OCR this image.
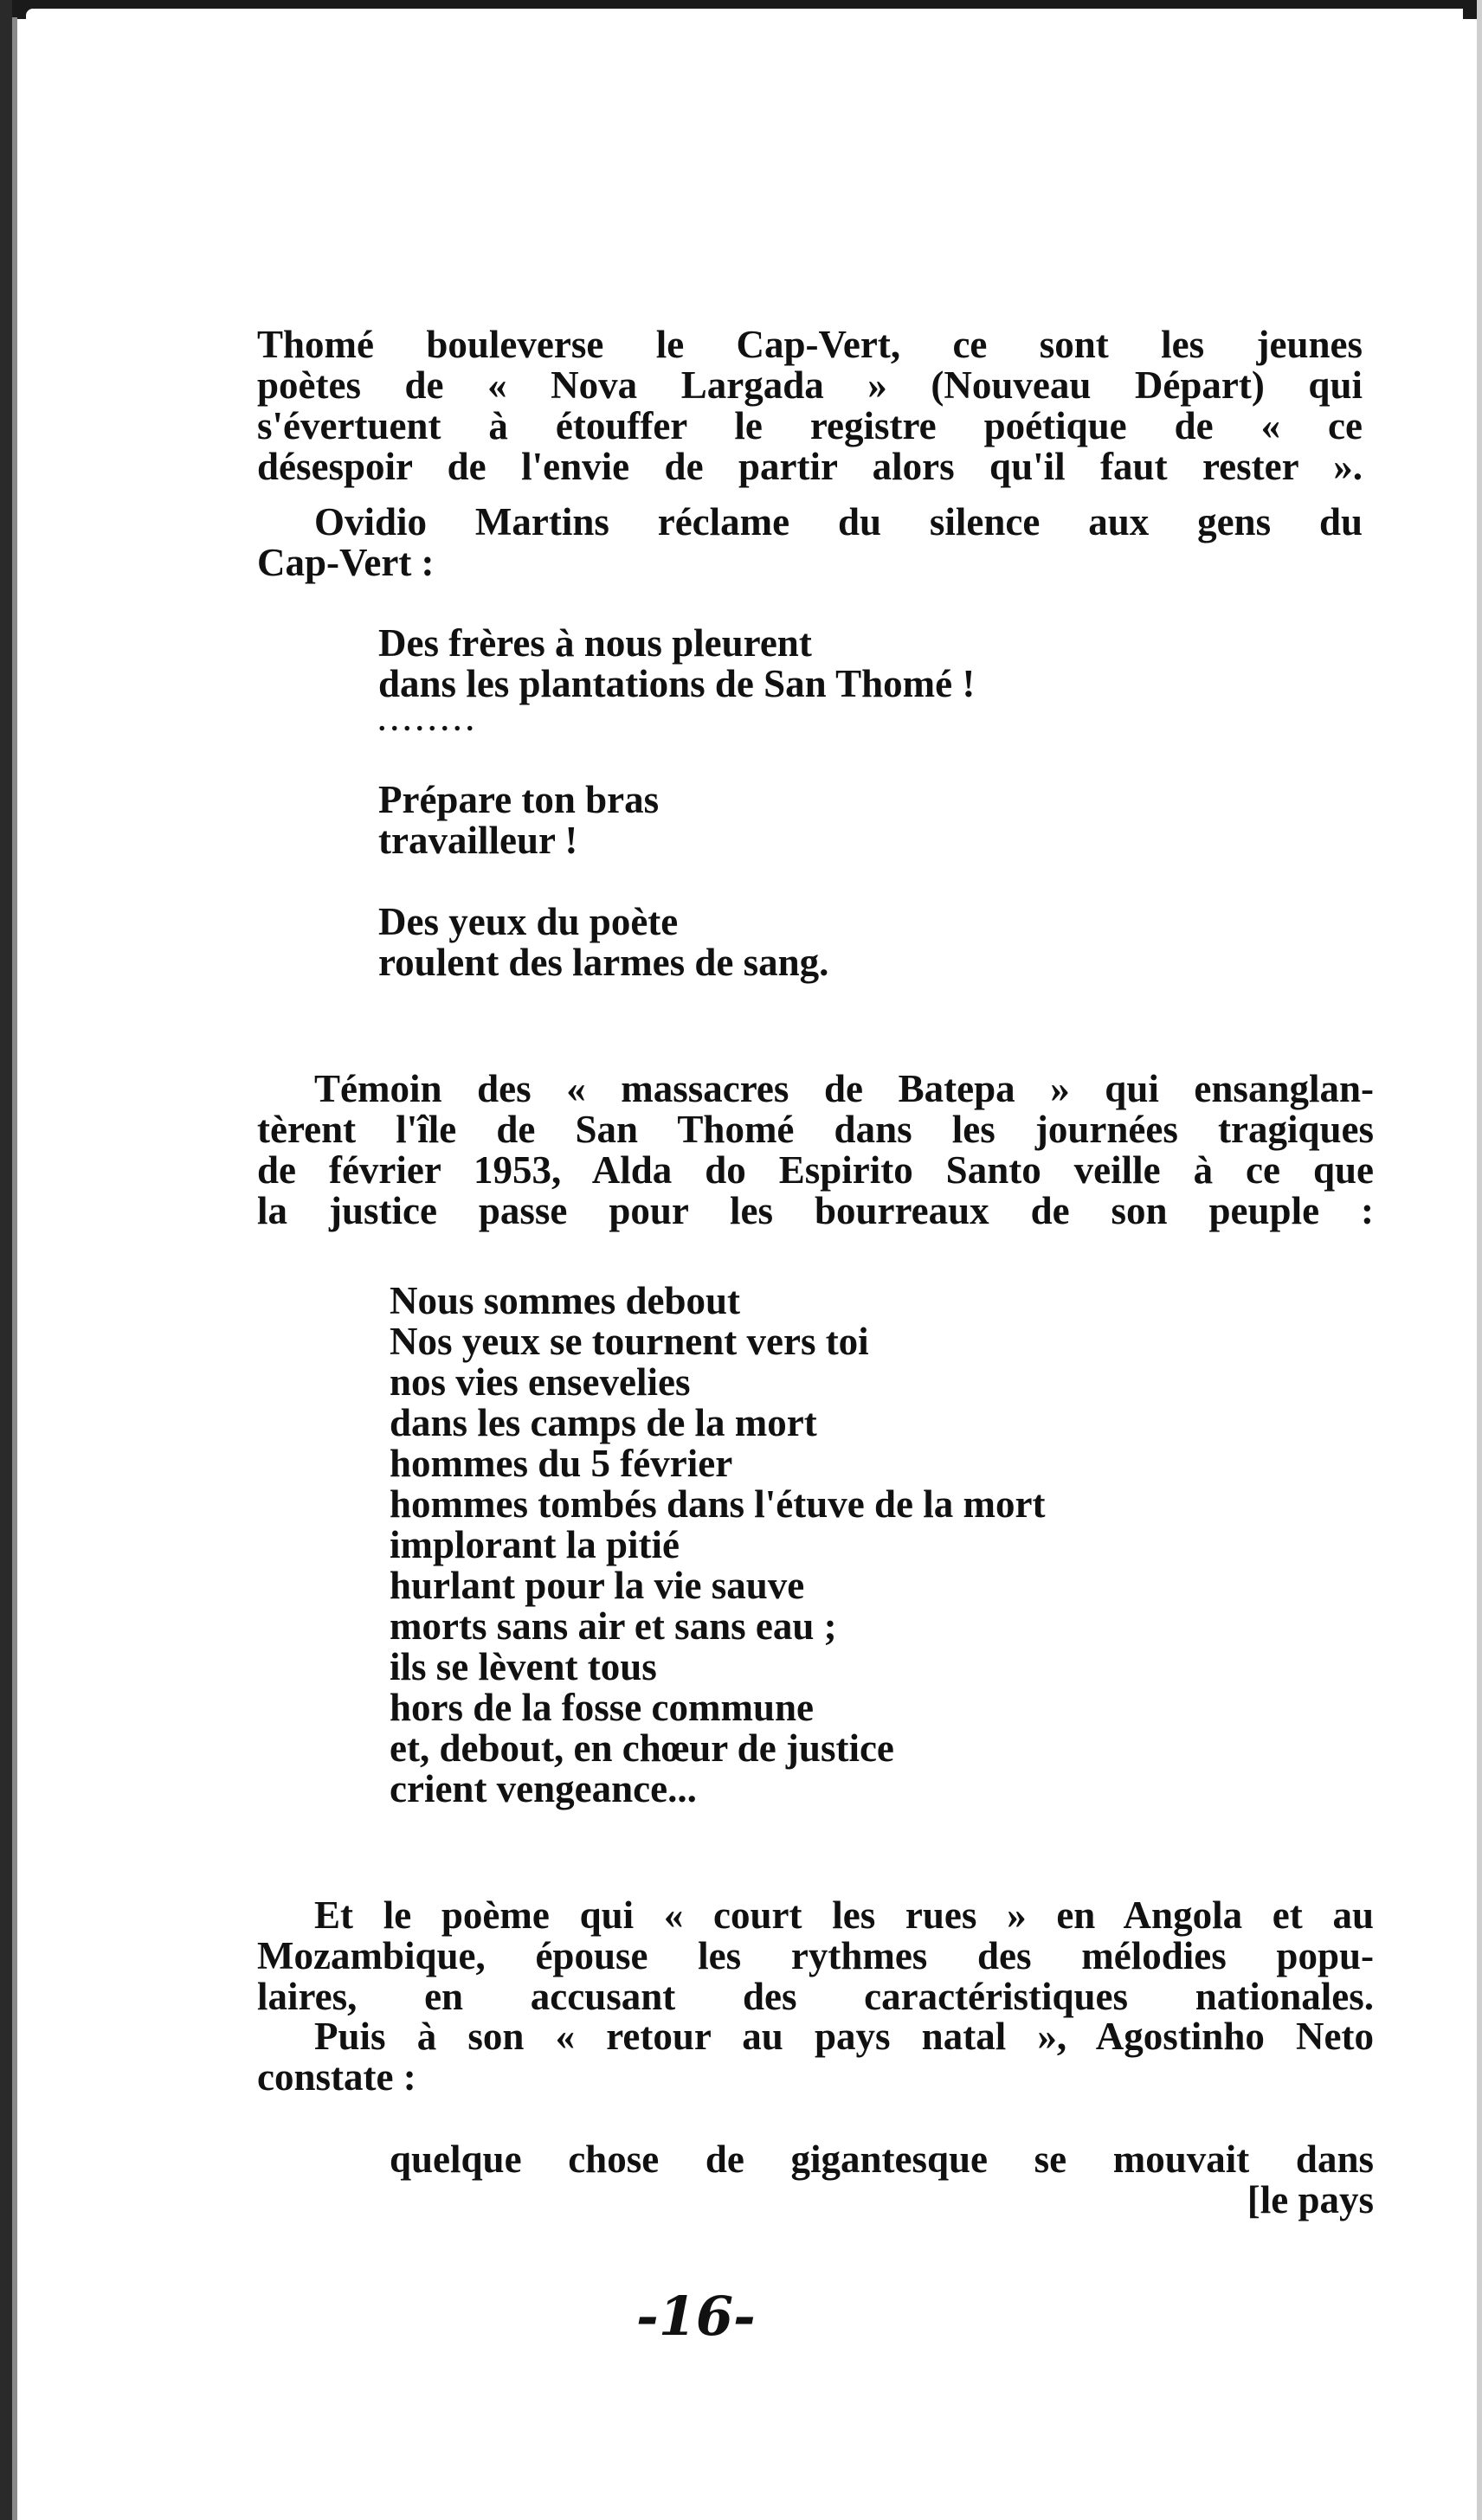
Thomé bouleverse le Cap-Vert, ce sont les jeunes
poètes de « Nova Largada » (Nouveau Départ) qui
s'évertuent à étouffer le registre poétique de « ce
désespoir de l'envie de partir alors qu'il faut rester ».
Ovidio Martins réclame du silence aux gens du
Cap-Vert :
Des frères à nous pleurent
dans les plantations de San Thomé !
........
Prépare ton bras
travailleur !
Des yeux du poète
roulent des larmes de sang.
Témoin des « massacres de Batepa » qui ensanglan-
tèrent l'île de San Thomé dans les journées tragiques
de février 1953, Alda do Espirito Santo veille à ce que
la justice passe pour les bourreaux de son peuple :
Nous sommes debout
Nos yeux se tournent vers toi
nos vies ensevelies
dans les camps de la mort
hommes du 5 février
hommes tombés dans l'étuve de la mort
implorant la pitié
hurlant pour la vie sauve
morts sans air et sans eau ;
ils se lèvent tous
hors de la fosse commune
et, debout, en chœur de justice
crient vengeance...
Et le poème qui « court les rues » en Angola et au
Mozambique, épouse les rythmes des mélodies popu-
laires, en accusant des caractéristiques nationales.
Puis à son « retour au pays natal », Agostinho Neto
constate :
quelque chose de gigantesque se mouvait dans
[le pays
-16-
